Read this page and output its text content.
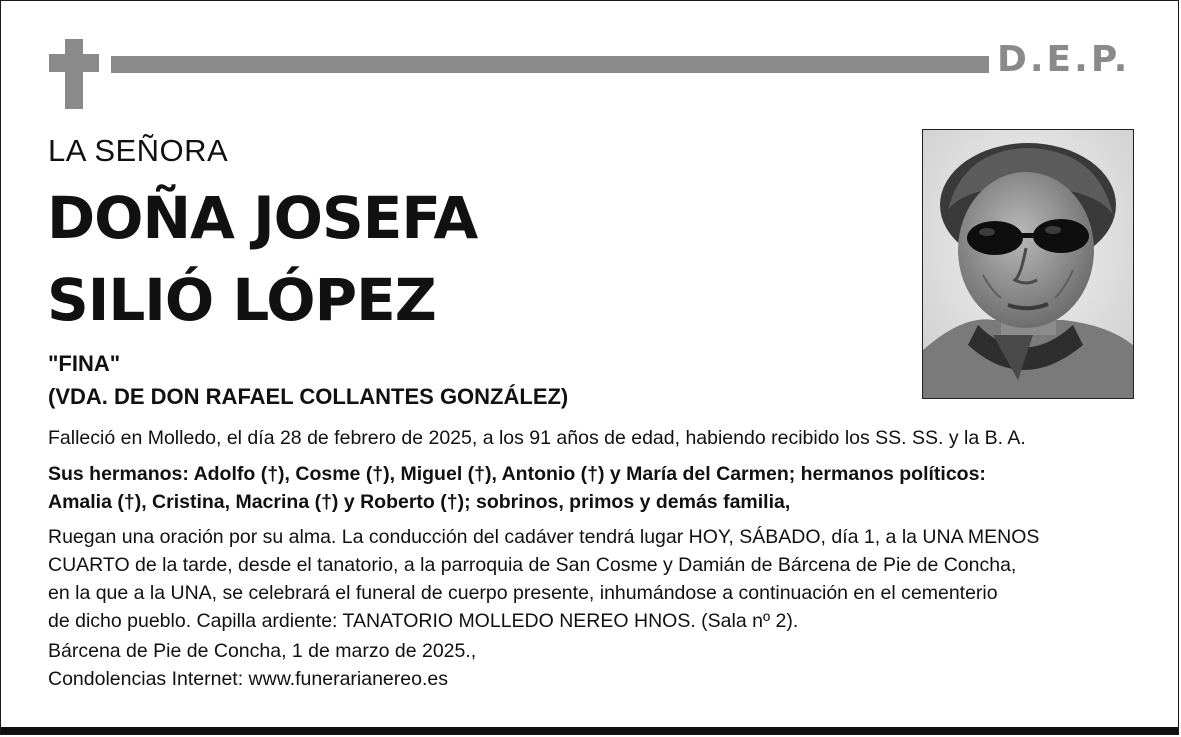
D.E.P.
LA SEÑORA
DOÑA JOSEFA
SILIÓ LÓPEZ
"FINA"
(VDA. DE DON RAFAEL COLLANTES GONZÁLEZ)
Falleció en Molledo, el día 28 de febrero de 2025, a los 91 años de edad, habiendo recibido los SS. SS. y la B. A.
Sus hermanos: Adolfo (†), Cosme (†), Miguel (†), Antonio (†) y María del Carmen; hermanos políticos:
Amalia (†), Cristina, Macrina (†) y Roberto (†); sobrinos, primos y demás familia,
Ruegan una oración por su alma. La conducción del cadáver tendrá lugar HOY, SÁBADO, día 1, a la UNA MENOS
CUARTO de la tarde, desde el tanatorio, a la parroquia de San Cosme y Damián de Bárcena de Pie de Concha,
en la que a la UNA, se celebrará el funeral de cuerpo presente, inhumándose a continuación en el cementerio
de dicho pueblo. Capilla ardiente: TANATORIO MOLLEDO NEREO HNOS. (Sala nº 2).
Bárcena de Pie de Concha, 1 de marzo de 2025.,
Condolencias Internet: www.funerarianereo.es
